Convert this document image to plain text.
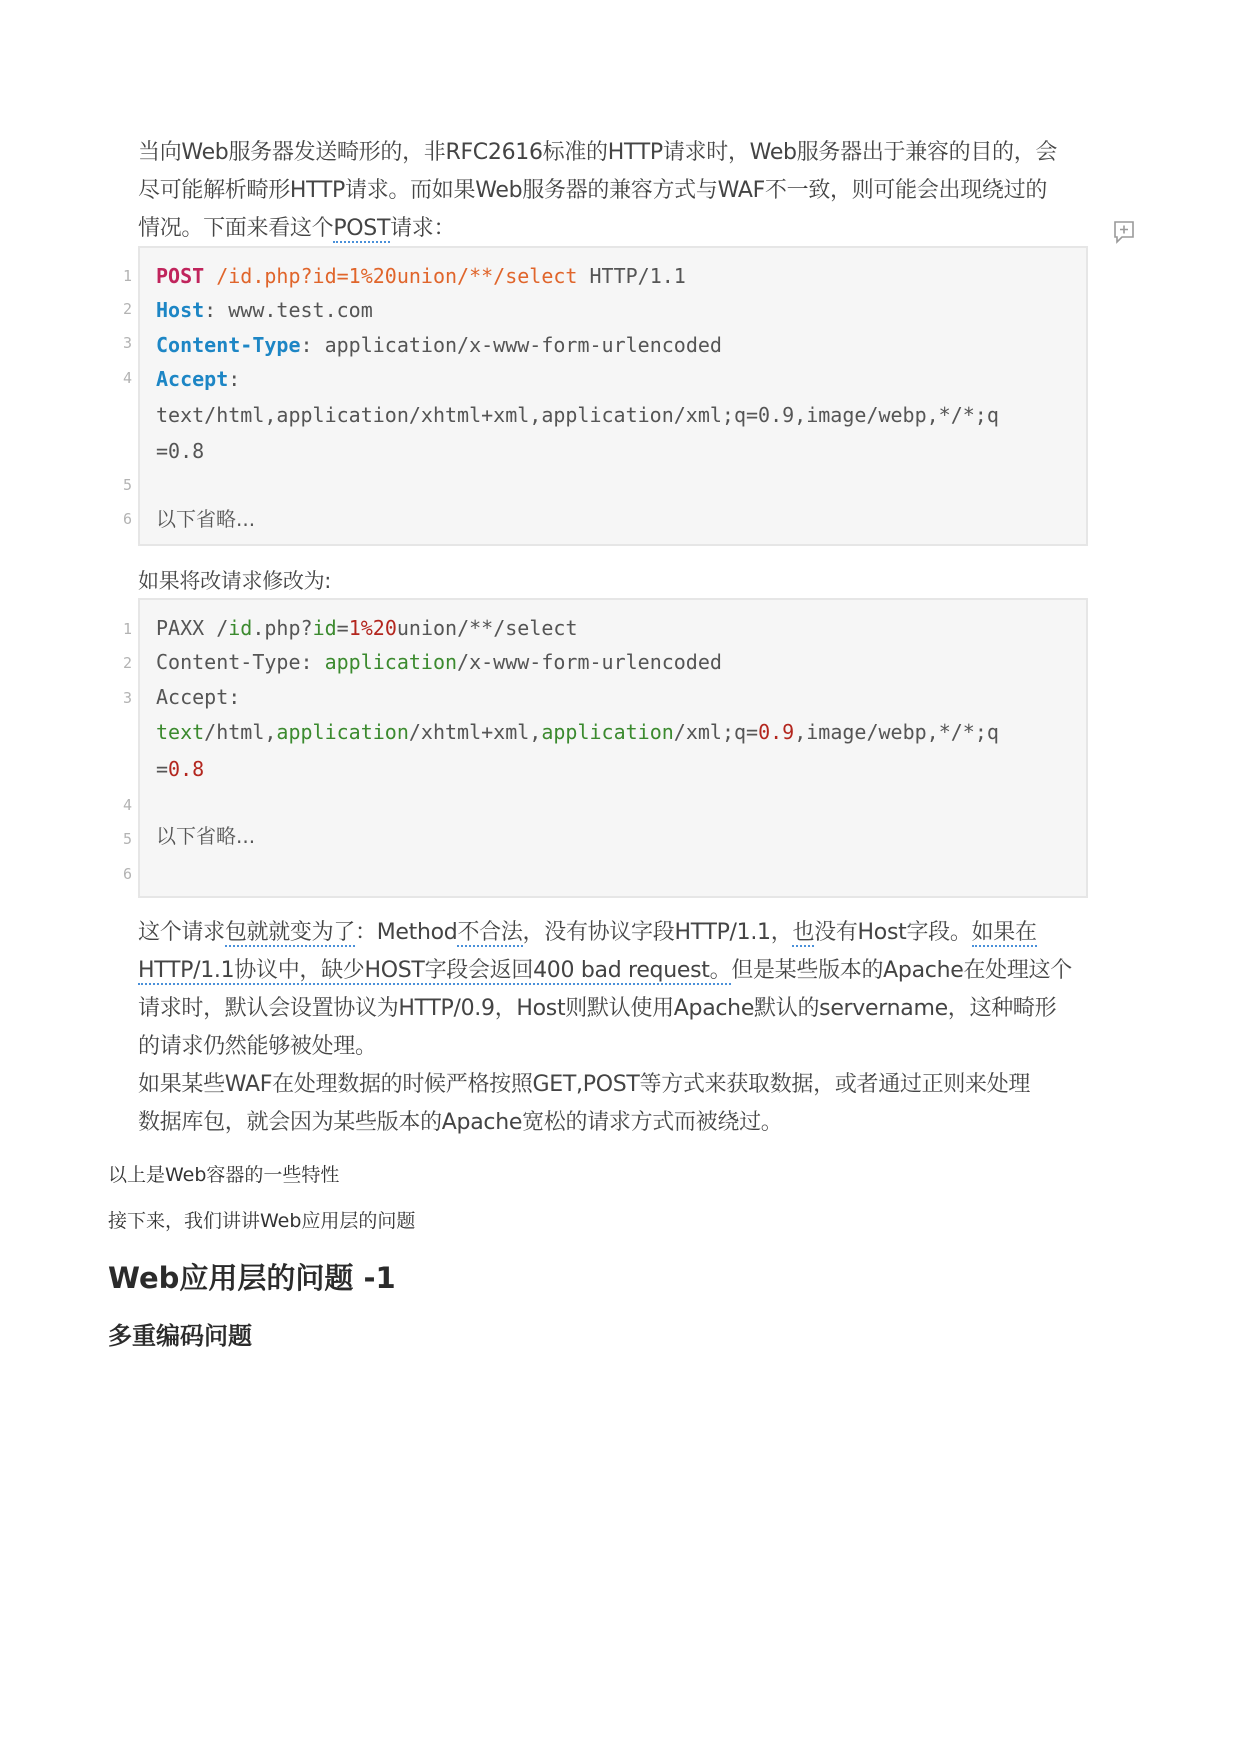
当向Web服务器发送畸形的，非RFC2616标准的HTTP请求时，Web服务器出于兼容的目的，会

尽可能解析畸形HTTP请求。而如果Web服务器的兼容方式与WAF不一致，则可能会出现绕过的

情况。下面来看这个POST请求：

1
2
3
4
5
6
POST /id.php?id=1%20union/**/select HTTP/1.1
Host: www.test.com
Content-Type: application/x-www-form-urlencoded
Accept:
text/html,application/xhtml+xml,application/xml;q=0.9,image/webp,*/*;q
=0.8
以下省略...
如果将改请求修改为:
1
2
3
4
5
6
PAXX /id.php?id=1%20union/**/select
Content-Type: application/x-www-form-urlencoded
Accept:
text/html,application/xhtml+xml,application/xml;q=0.9,image/webp,*/*;q
=0.8
以下省略...

这个请求包就就变为了：Method不合法，没有协议字段HTTP/1.1，也没有Host字段。如果在

HTTP/1.1协议中，缺少HOST字段会返回400 bad request。但是某些版本的Apache在处理这个

请求时，默认会设置协议为HTTP/0.9，Host则默认使用Apache默认的servername，这种畸形

的请求仍然能够被处理。

如果某些WAF在处理数据的时候严格按照GET,POST等方式来获取数据，或者通过正则来处理

数据库包，就会因为某些版本的Apache宽松的请求方式而被绕过。

以上是Web容器的一些特性
接下来，我们讲讲Web应用层的问题
Web应用层的问题 -1
多重编码问题
